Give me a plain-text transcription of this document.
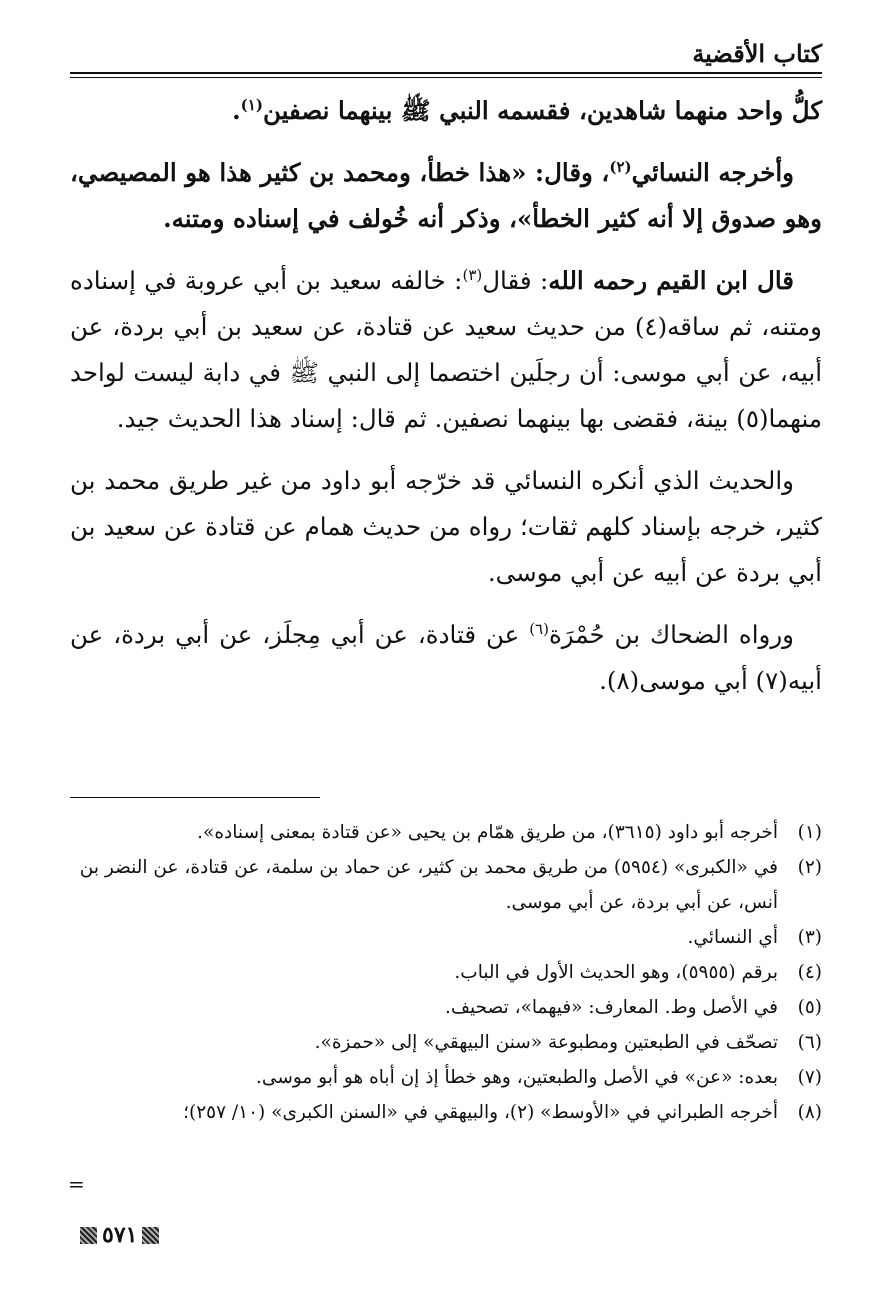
كتاب الأقضية

كلُّ واحد منهما شاهدين، فقسمه النبي ﷺ بينهما نصفين$^{(١)}$.

وأخرجه النسائي$^{(٢)}$، وقال: «هذا خطأ، ومحمد بن كثير هذا هو المصيصي، وهو صدوق إلا أنه كثير الخطأ»، وذكر أنه خُولف في إسناده ومتنه.

قال ابن القيم رحمه الله: فقال$^{(٣)}$: خالفه سعيد بن أبي عروبة في إسناده ومتنه، ثم ساقه(٤) من حديث سعيد عن قتادة، عن سعيد بن أبي بردة، عن أبيه، عن أبي موسى: أن رجلَين اختصما إلى النبي ﷺ في دابة ليست لواحد منهما(٥) بينة، فقضى بها بينهما نصفين. ثم قال: إسناد هذا الحديث جيد.

والحديث الذي أنكره النسائي قد خرّجه أبو داود من غير طريق محمد بن كثير، خرجه بإسناد كلهم ثقات؛ رواه من حديث همام عن قتادة عن سعيد بن أبي بردة عن أبيه عن أبي موسى.

ورواه الضحاك بن حُمْرَة$^{(٦)}$ عن قتادة، عن أبي مِجلَز، عن أبي بردة، عن أبيه(٧) أبي موسى(٨).

(١)
أخرجه أبو داود (٣٦١٥)، من طريق همّام بن يحيى «عن قتادة بمعنى إسناده».
(٢)
في «الكبرى» (٥٩٥٤) من طريق محمد بن كثير، عن حماد بن سلمة، عن قتادة، عن النضر بن أنس، عن أبي بردة، عن أبي موسى.
(٣)
أي النسائي.
(٤)
برقم (٥٩٥٥)، وهو الحديث الأول في الباب.
(٥)
في الأصل وط. المعارف: «فيهما»، تصحيف.
(٦)
تصحّف في الطبعتين ومطبوعة «سنن البيهقي» إلى «حمزة».
(٧)
بعده: «عن» في الأصل والطبعتين، وهو خطأ إذ إن أباه هو أبو موسى.
(٨)
أخرجه الطبراني في «الأوسط» (٢)، والبيهقي في «السنن الكبرى» (١٠/ ٢٥٧)؛
=
٥٧١
